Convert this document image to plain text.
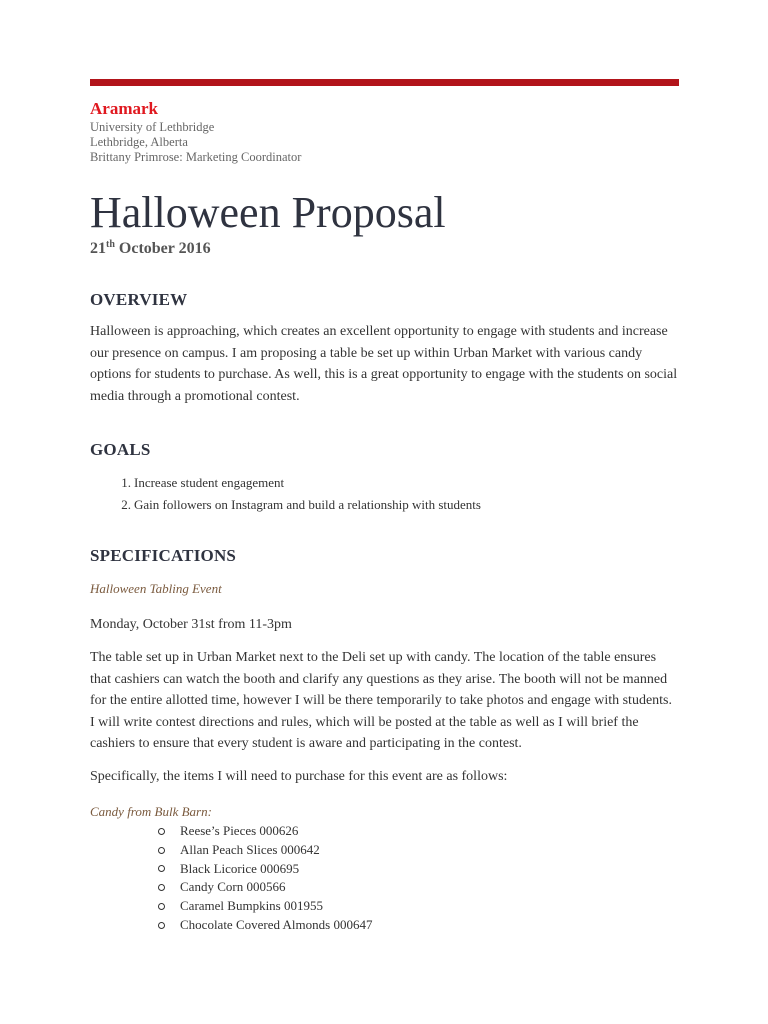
Aramark

University of Lethbridge

Lethbridge, Alberta

Brittany Primrose: Marketing Coordinator

Halloween Proposal

21th October 2016

OVERVIEW

Halloween is approaching, which creates an excellent opportunity to engage with students and increase our presence on campus. I am proposing a table be set up within Urban Market with various candy options for students to purchase. As well, this is a great opportunity to engage with the students on social media through a promotional contest.

GOALS
1. Increase student engagement
2. Gain followers on Instagram and build a relationship with students
SPECIFICATIONS

Halloween Tabling Event

Monday, October 31st from 11-3pm

The table set up in Urban Market next to the Deli set up with candy. The location of the table ensures that cashiers can watch the booth and clarify any questions as they arise. The booth will not be manned for the entire allotted time, however I will be there temporarily to take photos and engage with students. I will write contest directions and rules, which will be posted at the table as well as I will brief the cashiers to ensure that every student is aware and participating in the contest.

Specifically, the items I will need to purchase for this event are as follows:

Candy from Bulk Barn:

Reese’s Pieces 000626
Allan Peach Slices 000642
Black Licorice 000695
Candy Corn 000566
Caramel Bumpkins 001955
Chocolate Covered Almonds 000647
